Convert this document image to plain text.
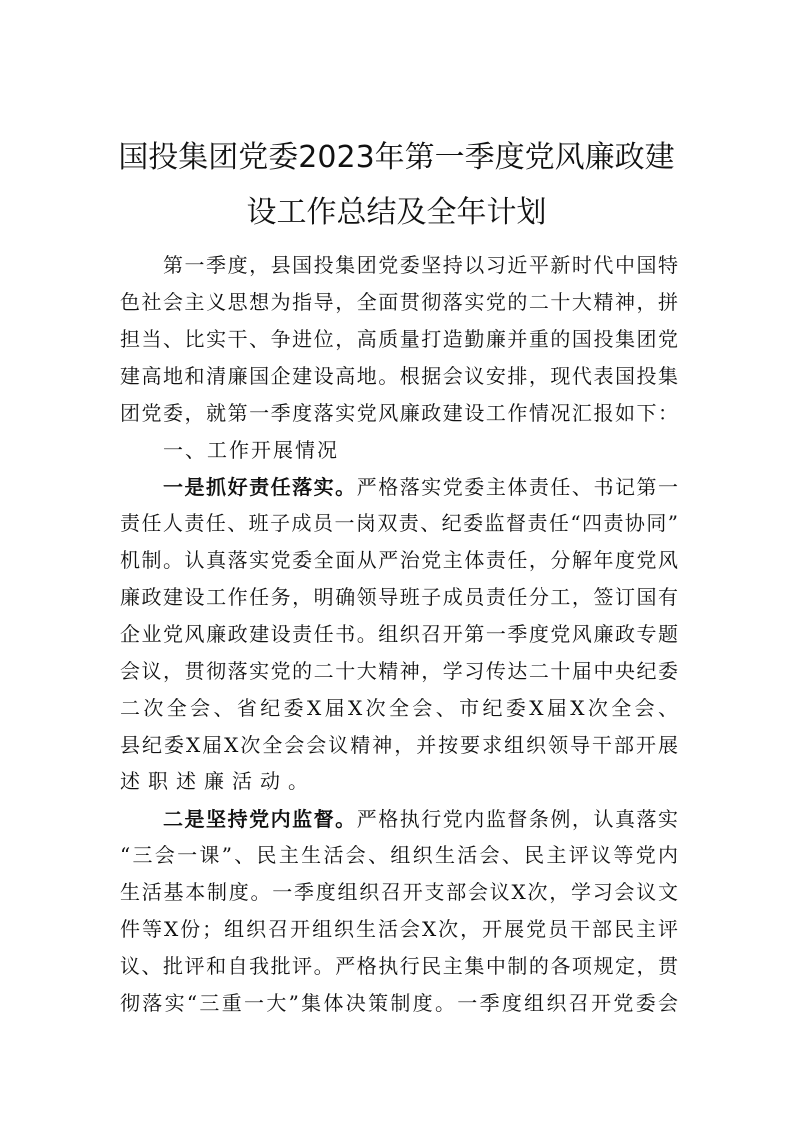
国投集团党委2023年第一季度党风廉政建
设工作总结及全年计划
第一季度，县国投集团党委坚持以习近平新时代中国特
色社会主义思想为指导，全面贯彻落实党的二十大精神，拼
担当、比实干、争进位，高质量打造勤廉并重的国投集团党
建高地和清廉国企建设高地。根据会议安排，现代表国投集
团党委，就第一季度落实党风廉政建设工作情况汇报如下：
一、工作开展情况
一是抓好责任落实。严格落实党委主体责任、书记第一
责任人责任、班子成员一岗双责、纪委监督责任“四责协同”
机制。认真落实党委全面从严治党主体责任，分解年度党风
廉政建设工作任务，明确领导班子成员责任分工，签订国有
企业党风廉政建设责任书。组织召开第一季度党风廉政专题
会议，贯彻落实党的二十大精神，学习传达二十届中央纪委
二次全会、省纪委X届X次全会、市纪委X届X次全会、
县纪委X届X次全会会议精神，并按要求组织领导干部开展
述职述廉活动。
二是坚持党内监督。严格执行党内监督条例，认真落实
“三会一课”、民主生活会、组织生活会、民主评议等党内
生活基本制度。一季度组织召开支部会议X次，学习会议文
件等X份；组织召开组织生活会X次，开展党员干部民主评
议、批评和自我批评。严格执行民主集中制的各项规定，贯
彻落实“三重一大”集体决策制度。一季度组织召开党委会
